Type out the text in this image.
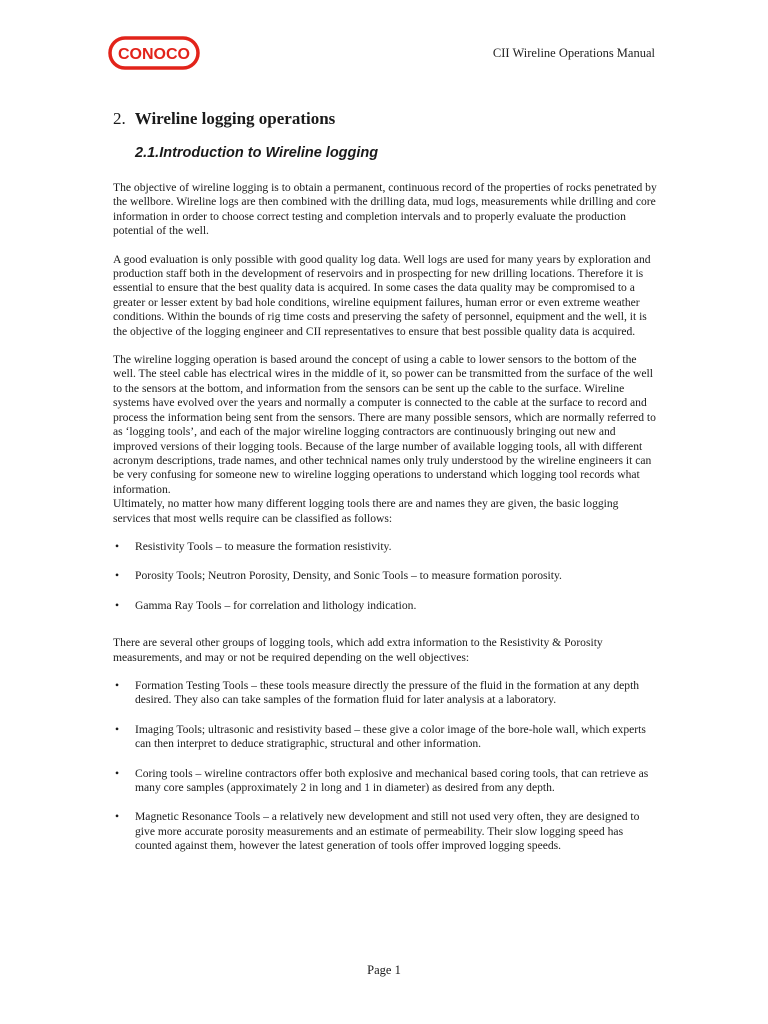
CONOCO	CII Wireline Operations Manual
2. Wireline logging operations
2.1.Introduction to Wireline logging

The objective of wireline logging is to obtain a permanent, continuous record of the properties of rocks penetrated by the wellbore. Wireline logs are then combined with the drilling data, mud logs, measurements while drilling and core information in order to choose correct testing and completion intervals and to properly evaluate the production potential of the well.

A good evaluation is only possible with good quality log data. Well logs are used for many years by exploration and production staff both in the development of reservoirs and in prospecting for new drilling locations. Therefore it is essential to ensure that the best quality data is acquired. In some cases the data quality may be compromised to a greater or lesser extent by bad hole conditions, wireline equipment failures, human error or even extreme weather conditions. Within the bounds of rig time costs and preserving the safety of personnel, equipment and the well, it is the objective of the logging engineer and CII representatives to ensure that best possible quality data is acquired.

The wireline logging operation is based around the concept of using a cable to lower sensors to the bottom of the well. The steel cable has electrical wires in the middle of it, so power can be transmitted from the surface of the well to the sensors at the bottom, and information from the sensors can be sent up the cable to the surface. Wireline systems have evolved over the years and normally a computer is connected to the cable at the surface to record and process the information being sent from the sensors. There are many possible sensors, which are normally referred to as ‘logging tools’, and each of the major wireline logging contractors are continuously bringing out new and improved versions of their logging tools. Because of the large number of available logging tools, all with different acronym descriptions, trade names, and other technical names only truly understood by the wireline engineers it can be very confusing for someone new to wireline logging operations to understand which logging tool records what information.

Ultimately, no matter how many different logging tools there are and names they are given, the basic logging services that most wells require can be classified as follows:

• Resistivity Tools – to measure the formation resistivity.
• Porosity Tools; Neutron Porosity, Density, and Sonic Tools – to measure formation porosity.
• Gamma Ray Tools – for correlation and lithology indication.

There are several other groups of logging tools, which add extra information to the Resistivity & Porosity measurements, and may or not be required depending on the well objectives:

• Formation Testing Tools – these tools measure directly the pressure of the fluid in the formation at any depth desired. They also can take samples of the formation fluid for later analysis at a laboratory.
• Imaging Tools; ultrasonic and resistivity based – these give a color image of the bore-hole wall, which experts can then interpret to deduce stratigraphic, structural and other information.
• Coring tools – wireline contractors offer both explosive and mechanical based coring tools, that can retrieve as many core samples (approximately 2 in long and 1 in diameter) as desired from any depth.
• Magnetic Resonance Tools – a relatively new development and still not used very often, they are designed to give more accurate porosity measurements and an estimate of permeability. Their slow logging speed has counted against them, however the latest generation of tools offer improved logging speeds.
Page 1
